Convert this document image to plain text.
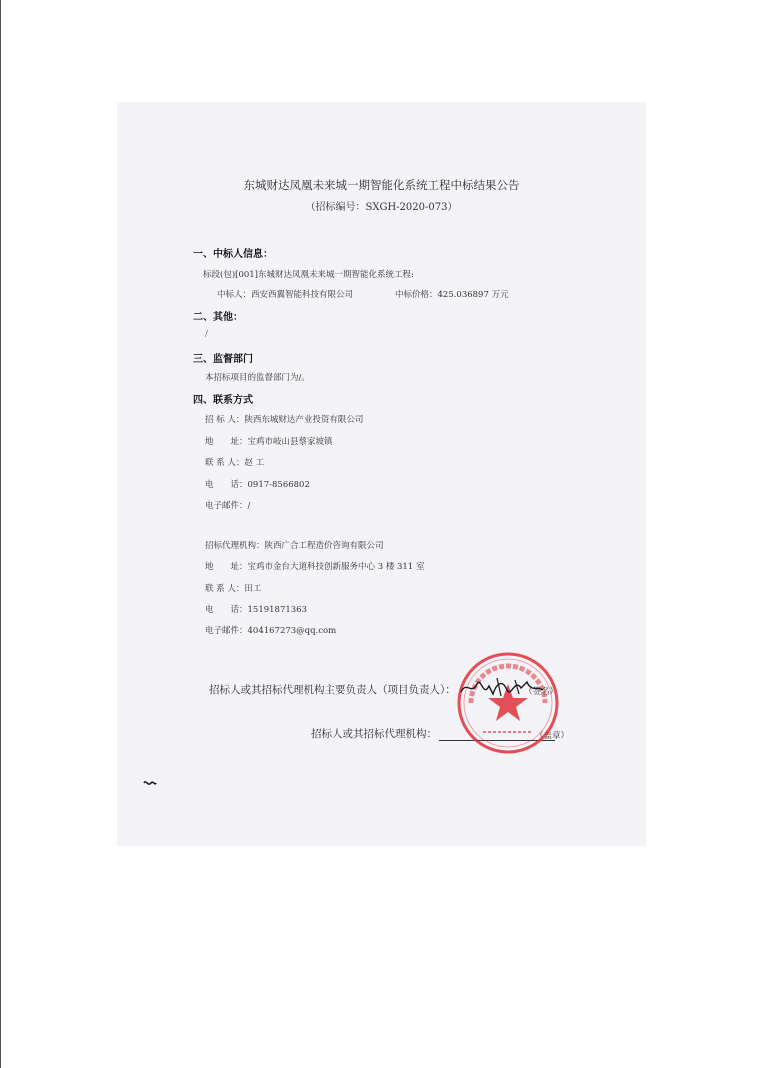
东城财达凤凰未来城一期智能化系统工程中标结果公告
（招标编号：SXGH-2020-073）
一、中标人信息：
标段(包)[001]东城财达凤凰未来城一期智能化系统工程:
中标人：西安西翼智能科技有限公司	中标价格：425.036897 万元
二、其他：
/
三、监督部门
本招标项目的监督部门为/。
四、联系方式
招 标 人：陕西东城财达产业投资有限公司
地　　址：宝鸡市岐山县蔡家坡镇
联 系 人：赵 工
电　　话：0917-8566802
电子邮件：/
招标代理机构：陕西广合工程造价咨询有限公司
地　　址：宝鸡市金台大道科技创新服务中心 3 楼 311 室
联 系 人：田工
电　　话：15191871363
电子邮件：404167273@qq.com
招标人或其招标代理机构主要负责人（项目负责人）：	（签名）
招标人或其招标代理机构：	（盖章）
